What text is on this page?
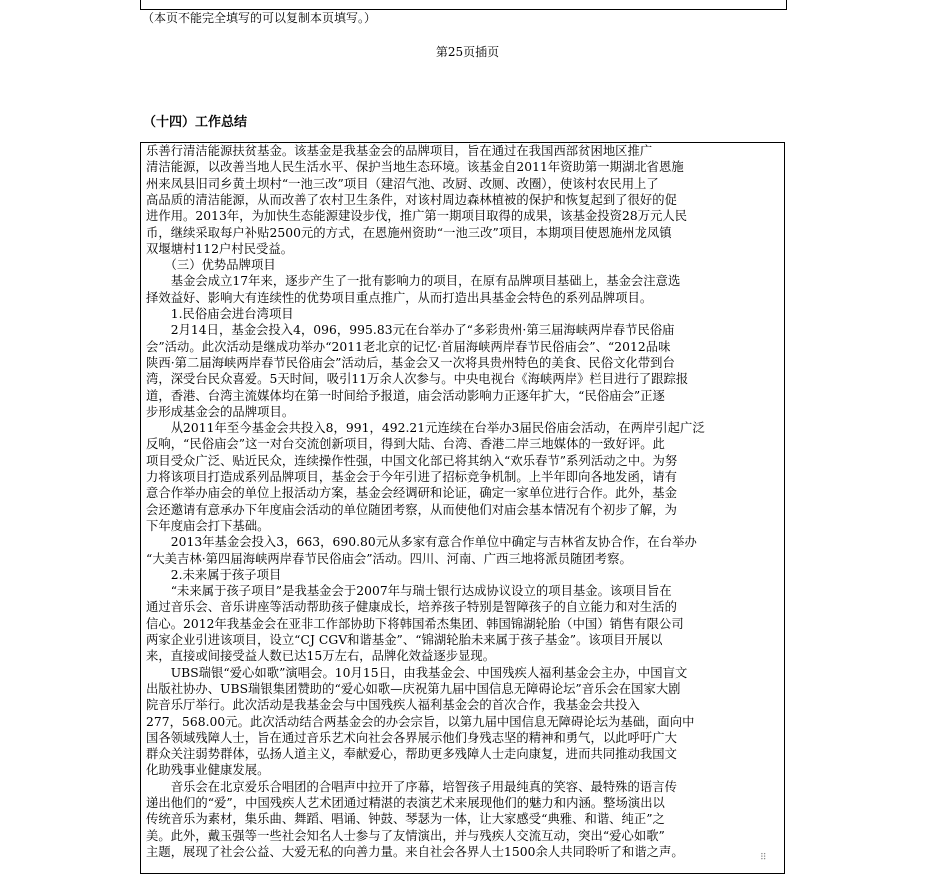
（本页不能完全填写的可以复制本页填写。）
第25页插页
（十四）工作总结
乐善行清洁能源扶贫基金。该基金是我基金会的品牌项目，旨在通过在我国西部贫困地区推广
清洁能源，以改善当地人民生活水平、保护当地生态环境。该基金自2011年资助第一期湖北省恩施
州来凤县旧司乡黄土坝村“一池三改”项目（建沼气池、改厨、改厕、改圈），使该村农民用上了
高品质的清洁能源，从而改善了农村卫生条件，对该村周边森林植被的保护和恢复起到了很好的促
进作用。2013年，为加快生态能源建设步伐，推广第一期项目取得的成果，该基金投资28万元人民
币，继续采取每户补贴2500元的方式，在恩施州资助“一池三改”项目，本期项目使恩施州龙凤镇
双堰塘村112户村民受益。
　　（三）优势品牌项目
　　基金会成立17年来，逐步产生了一批有影响力的项目，在原有品牌项目基础上，基金会注意选
择效益好、影响大有连续性的优势项目重点推广，从而打造出具基金会特色的系列品牌项目。
　　1.民俗庙会进台湾项目
　　2月14日，基金会投入4，096，995.83元在台举办了“多彩贵州·第三届海峡两岸春节民俗庙
会”活动。此次活动是继成功举办“2011老北京的记忆·首届海峡两岸春节民俗庙会”、“2012品味
陕西·第二届海峡两岸春节民俗庙会”活动后，基金会又一次将具贵州特色的美食、民俗文化带到台
湾，深受台民众喜爱。5天时间，吸引11万余人次参与。中央电视台《海峡两岸》栏目进行了跟踪报
道，香港、台湾主流媒体均在第一时间给予报道，庙会活动影响力正逐年扩大，“民俗庙会”正逐
步形成基金会的品牌项目。
　　从2011年至今基金会共投入8，991，492.21元连续在台举办3届民俗庙会活动，在两岸引起广泛
反响，“民俗庙会”这一对台交流创新项目，得到大陆、台湾、香港二岸三地媒体的一致好评。此
项目受众广泛、贴近民众，连续操作性强，中国文化部已将其纳入“欢乐春节”系列活动之中。为努
力将该项目打造成系列品牌项目，基金会于今年引进了招标竞争机制。上半年即向各地发函，请有
意合作举办庙会的单位上报活动方案，基金会经调研和论证，确定一家单位进行合作。此外，基金
会还邀请有意承办下年度庙会活动的单位随团考察，从而使他们对庙会基本情况有个初步了解，为
下年度庙会打下基础。
　　2013年基金会投入3，663，690.80元从多家有意合作单位中确定与吉林省友协合作，在台举办
“大美吉林·第四届海峡两岸春节民俗庙会”活动。四川、河南、广西三地将派员随团考察。
　　2.未来属于孩子项目
　　“未来属于孩子项目”是我基金会于2007年与瑞士银行达成协议设立的项目基金。该项目旨在
通过音乐会、音乐讲座等活动帮助孩子健康成长，培养孩子特别是智障孩子的自立能力和对生活的
信心。2012年我基金会在亚非工作部协助下将韩国希杰集团、韩国锦湖轮胎（中国）销售有限公司
两家企业引进该项目，设立“CJ CGV和谐基金”、“锦湖轮胎未来属于孩子基金”。该项目开展以
来，直接或间接受益人数已达15万左右，品牌化效益逐步显现。
　　UBS瑞银“爱心如歌”演唱会。10月15日，由我基金会、中国残疾人福利基金会主办，中国盲文
出版社协办、UBS瑞银集团赞助的“爱心如歌—庆祝第九届中国信息无障碍论坛”音乐会在国家大剧
院音乐厅举行。此次活动是我基金会与中国残疾人福利基金会的首次合作，我基金会共投入
277，568.00元。此次活动结合两基金会的办会宗旨，以第九届中国信息无障碍论坛为基础，面向中
国各领域残障人士，旨在通过音乐艺术向社会各界展示他们身残志坚的精神和勇气，以此呼吁广大
群众关注弱势群体，弘扬人道主义，奉献爱心，帮助更多残障人士走向康复，进而共同推动我国文
化助残事业健康发展。
　　音乐会在北京爱乐合唱团的合唱声中拉开了序幕，培智孩子用最纯真的笑容、最特殊的语言传
递出他们的“爱”，中国残疾人艺术团通过精湛的表演艺术来展现他们的魅力和内涵。整场演出以
传统音乐为素材，集乐曲、舞蹈、唱诵、钟鼓、琴瑟为一体，让大家感受“典雅、和谐、纯正”之
美。此外，戴玉强等一些社会知名人士参与了友情演出，并与残疾人交流互动，突出“爱心如歌”
主题，展现了社会公益、大爱无私的向善力量。来自社会各界人士1500余人共同聆听了和谐之声。	⠿
